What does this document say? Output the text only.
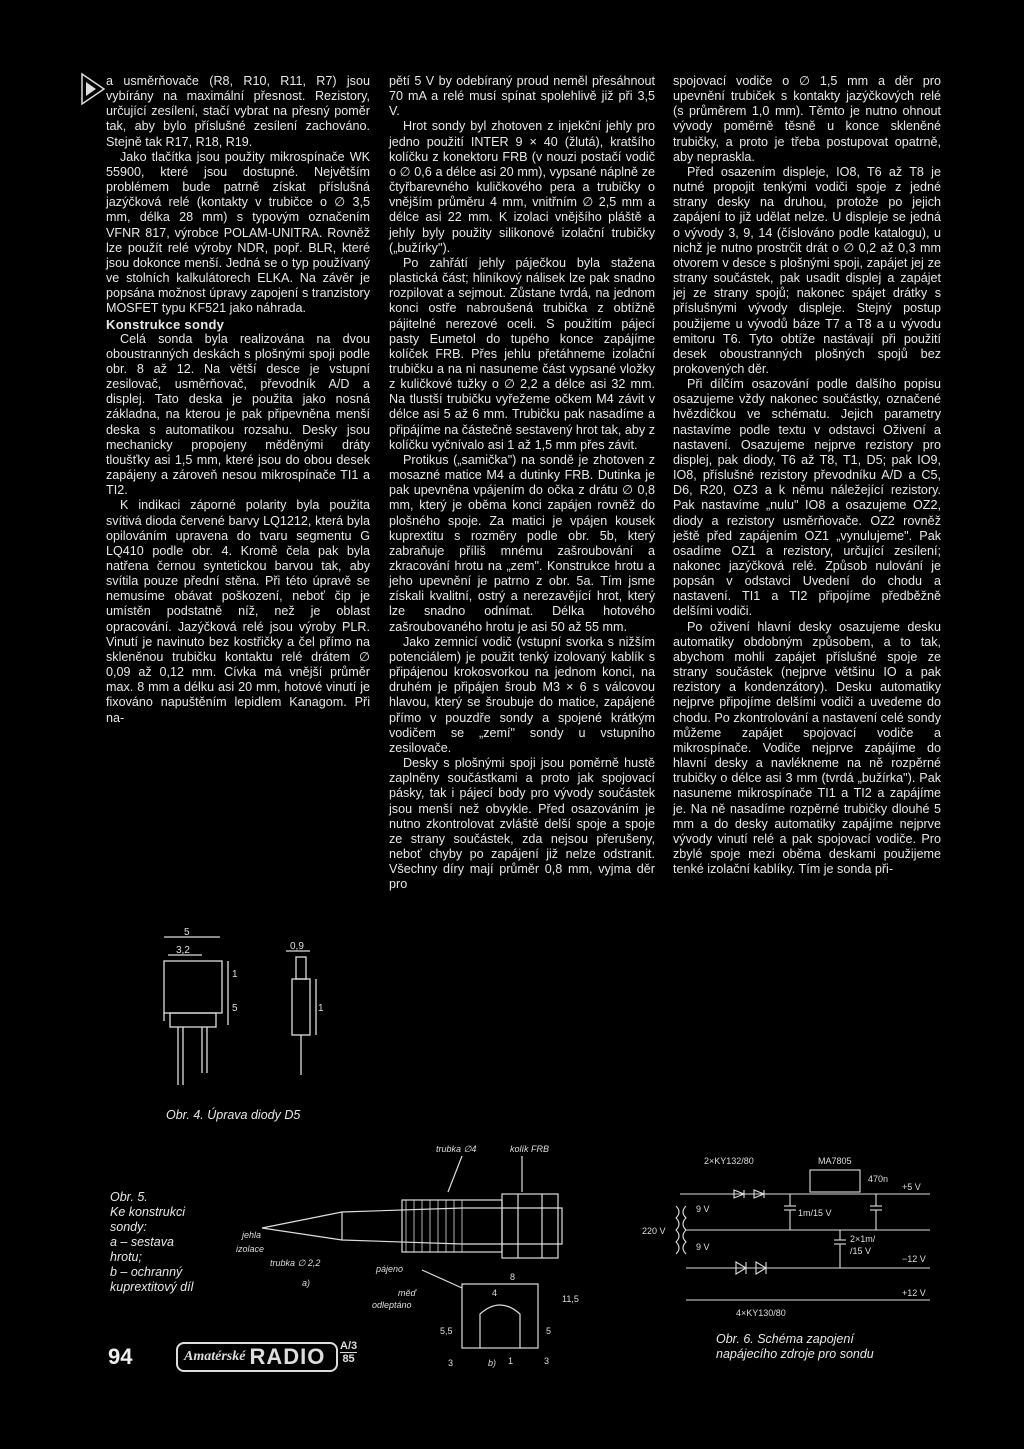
a usměrňovače (R8, R10, R11, R7) jsou vybírány na maximální přesnost. Rezistory, určující zesílení, stačí vybrat na přesný poměr tak, aby bylo příslušné zesílení zachováno. Stejně tak R17, R18, R19.

Jako tlačítka jsou použity mikrospínače WK 55900, které jsou dostupné. Největším problémem bude patrně získat příslušná jazýčková relé (kontakty v trubičce o ∅ 3,5 mm, délka 28 mm) s typovým označením VFNR 817, výrobce POLAM-UNITRA. Rovněž lze použít relé výroby NDR, popř. BLR, které jsou dokonce menší. Jedná se o typ používaný ve stolních kalkulátorech ELKA. Na závěr je popsána možnost úpravy zapojení s tranzistory MOSFET typu KF521 jako náhrada.

Konstrukce sondy

Celá sonda byla realizována na dvou oboustranných deskách s plošnými spoji podle obr. 8 až 12. Na větší desce je vstupní zesilovač, usměrňovač, převodník A/D a displej. Tato deska je použita jako nosná základna, na kterou je pak připevněna menší deska s automatikou rozsahu. Desky jsou mechanicky propojeny měděnými dráty tloušťky asi 1,5 mm, které jsou do obou desek zapájeny a zároveň nesou mikrospínače TI1 a TI2.

K indikaci záporné polarity byla použita svítivá dioda červené barvy LQ1212, která byla opilováním upravena do tvaru segmentu G LQ410 podle obr. 4. Kromě čela pak byla natřena černou syntetickou barvou tak, aby svítila pouze přední stěna. Při této úpravě se nemusíme obávat poškození, neboť čip je umístěn podstatně níž, než je oblast opracování. Jazýčková relé jsou výroby PLR. Vinutí je navinuto bez kostřičky a čel přímo na skleněnou trubičku kontaktu relé drátem ∅ 0,09 až 0,12 mm. Cívka má vnější průměr max. 8 mm a délku asi 20 mm, hotové vinutí je fixováno napuštěním lepidlem Kanagom. Při na-

pětí 5 V by odebíraný proud neměl přesáhnout 70 mA a relé musí spínat spolehlivě již při 3,5 V.

Hrot sondy byl zhotoven z injekční jehly pro jedno použití INTER 9 × 40 (žlutá), kratšího kolíčku z konektoru FRB (v nouzi postačí vodič o ∅ 0,6 a délce asi 20 mm), vypsané náplně ze čtyřbarevného kuličkového pera a trubičky o vnějším průměru 4 mm, vnitřním ∅ 2,5 mm a délce asi 22 mm. K izolaci vnějšího pláště a jehly byly použity silikonové izolační trubičky („bužírky").

Po zahřátí jehly páječkou byla stažena plastická část; hliníkový nálisek lze pak snadno rozpilovat a sejmout. Zůstane tvrdá, na jednom konci ostře nabroušená trubička z obtížně pájitelné nerezové oceli. S použitím pájecí pasty Eumetol do tupého konce zapájíme kolíček FRB. Přes jehlu přetáhneme izolační trubičku a na ni nasuneme část vypsané vložky z kuličkové tužky o ∅ 2,2 a délce asi 32 mm. Na tlustší trubičku vyřežeme očkem M4 závit v délce asi 5 až 6 mm. Trubičku pak nasadíme a připájíme na částečně sestavený hrot tak, aby z kolíčku vyčnívalo asi 1 až 1,5 mm přes závit.

Protikus („samička") na sondě je zhotoven z mosazné matice M4 a dutinky FRB. Dutinka je pak upevněna vpájením do očka z drátu ∅ 0,8 mm, který je oběma konci zapájen rovněž do plošného spoje. Za matici je vpájen kousek kuprextitu s rozměry podle obr. 5b, který zabraňuje příliš mnému zašroubování a zkracování hrotu na „zem". Konstrukce hrotu a jeho upevnění je patrno z obr. 5a. Tím jsme získali kvalitní, ostrý a nerezavějící hrot, který lze snadno odnímat. Délka hotového zašroubovaného hrotu je asi 50 až 55 mm.

Jako zemnicí vodič (vstupní svorka s nižším potenciálem) je použit tenký izolovaný kablík s připájenou krokosvorkou na jednom konci, na druhém je připájen šroub M3 × 6 s válcovou hlavou, který se šroubuje do matice, zapájené přímo v pouzdře sondy a spojené krátkým vodičem se „zemí" sondy u vstupního zesilovače.

Desky s plošnými spoji jsou poměrně hustě zaplněny součástkami a proto jak spojovací pásky, tak i pájecí body pro vývody součástek jsou menší než obvykle. Před osazováním je nutno zkontrolovat zvláště delší spoje a spoje ze strany součástek, zda nejsou přerušeny, neboť chyby po zapájení již nelze odstranit. Všechny díry mají průměr 0,8 mm, vyjma děr pro

spojovací vodiče o ∅ 1,5 mm a děr pro upevnění trubiček s kontakty jazýčkových relé (s průměrem 1,0 mm). Těmto je nutno ohnout vývody poměrně těsně u konce skleněné trubičky, a proto je třeba postupovat opatrně, aby nepraskla.

Před osazením displeje, IO8, T6 až T8 je nutné propojit tenkými vodiči spoje z jedné strany desky na druhou, protože po jejich zapájení to již udělat nelze. U displeje se jedná o vývody 3, 9, 14 (číslováno podle katalogu), u nichž je nutno prostrčit drát o ∅ 0,2 až 0,3 mm otvorem v desce s plošnými spoji, zapájet jej ze strany součástek, pak usadit displej a zapájet jej ze strany spojů; nakonec spájet drátky s příslušnými vývody displeje. Stejný postup použijeme u vývodů báze T7 a T8 a u vývodu emitoru T6. Tyto obtíže nastávají při použití desek oboustranných plošných spojů bez prokovených děr.

Při dílčím osazování podle dalšího popisu osazujeme vždy nakonec součástky, označené hvězdičkou ve schématu. Jejich parametry nastavíme podle textu v odstavci Oživení a nastavení. Osazujeme nejprve rezistory pro displej, pak diody, T6 až T8, T1, D5; pak IO9, IO8, příslušné rezistory převodníku A/D a C5, D6, R20, OZ3 a k němu náležející rezistory. Pak nastavíme „nulu" IO8 a osazujeme OZ2, diody a rezistory usměrňovače. OZ2 rovněž ještě před zapájením OZ1 „vynulujeme". Pak osadíme OZ1 a rezistory, určující zesílení; nakonec jazýčková relé. Způsob nulování je popsán v odstavci Uvedení do chodu a nastavení. TI1 a TI2 připojíme předběžně delšími vodiči.

Po oživení hlavní desky osazujeme desku automatiky obdobným způsobem, a to tak, abychom mohli zapájet příslušné spoje ze strany součástek (nejprve většinu IO a pak rezistory a kondenzátory). Desku automatiky nejprve připojíme delšími vodiči a uvedeme do chodu. Po zkontrolování a nastavení celé sondy můžeme zapájet spojovací vodiče a mikrospínače. Vodiče nejprve zapájíme do hlavní desky a navlékneme na ně rozpěrné trubičky o délce asi 3 mm (tvrdá „bužírka"). Pak nasuneme mikrospínače TI1 a TI2 a zapájíme je. Na ně nasadíme rozpěrné trubičky dlouhé 5 mm a do desky automatiky zapájíme nejprve vývody vinutí relé a pak spojovací vodiče. Pro zbylé spoje mezi oběma deskami použijeme tenké izolační kablíky. Tím je sonda při-

5
3,2
1
5
0,9
1
Obr. 4. Úprava diody D5
Obr. 5.
Ke konstrukci
sondy:
a – sestava
hrotu;
b – ochranný
kuprextitový díl
trubka ∅4	kolík FRB
jehla
izolace
trubka ∅ 2,2
a)
pájeno
měď
odleptáno
8
4
11,5
1	3
5,5
3
5
b)
2×KY132/80	MA7805
+5 V
9 V
9 V
220 V
1m/15 V
470n
2×1m/
/15 V
−12 V
+12 V
4×KY130/80
Obr. 6. Schéma zapojení
napájecího zdroje pro sondu
94	Amatérské RADIO A/3
85
